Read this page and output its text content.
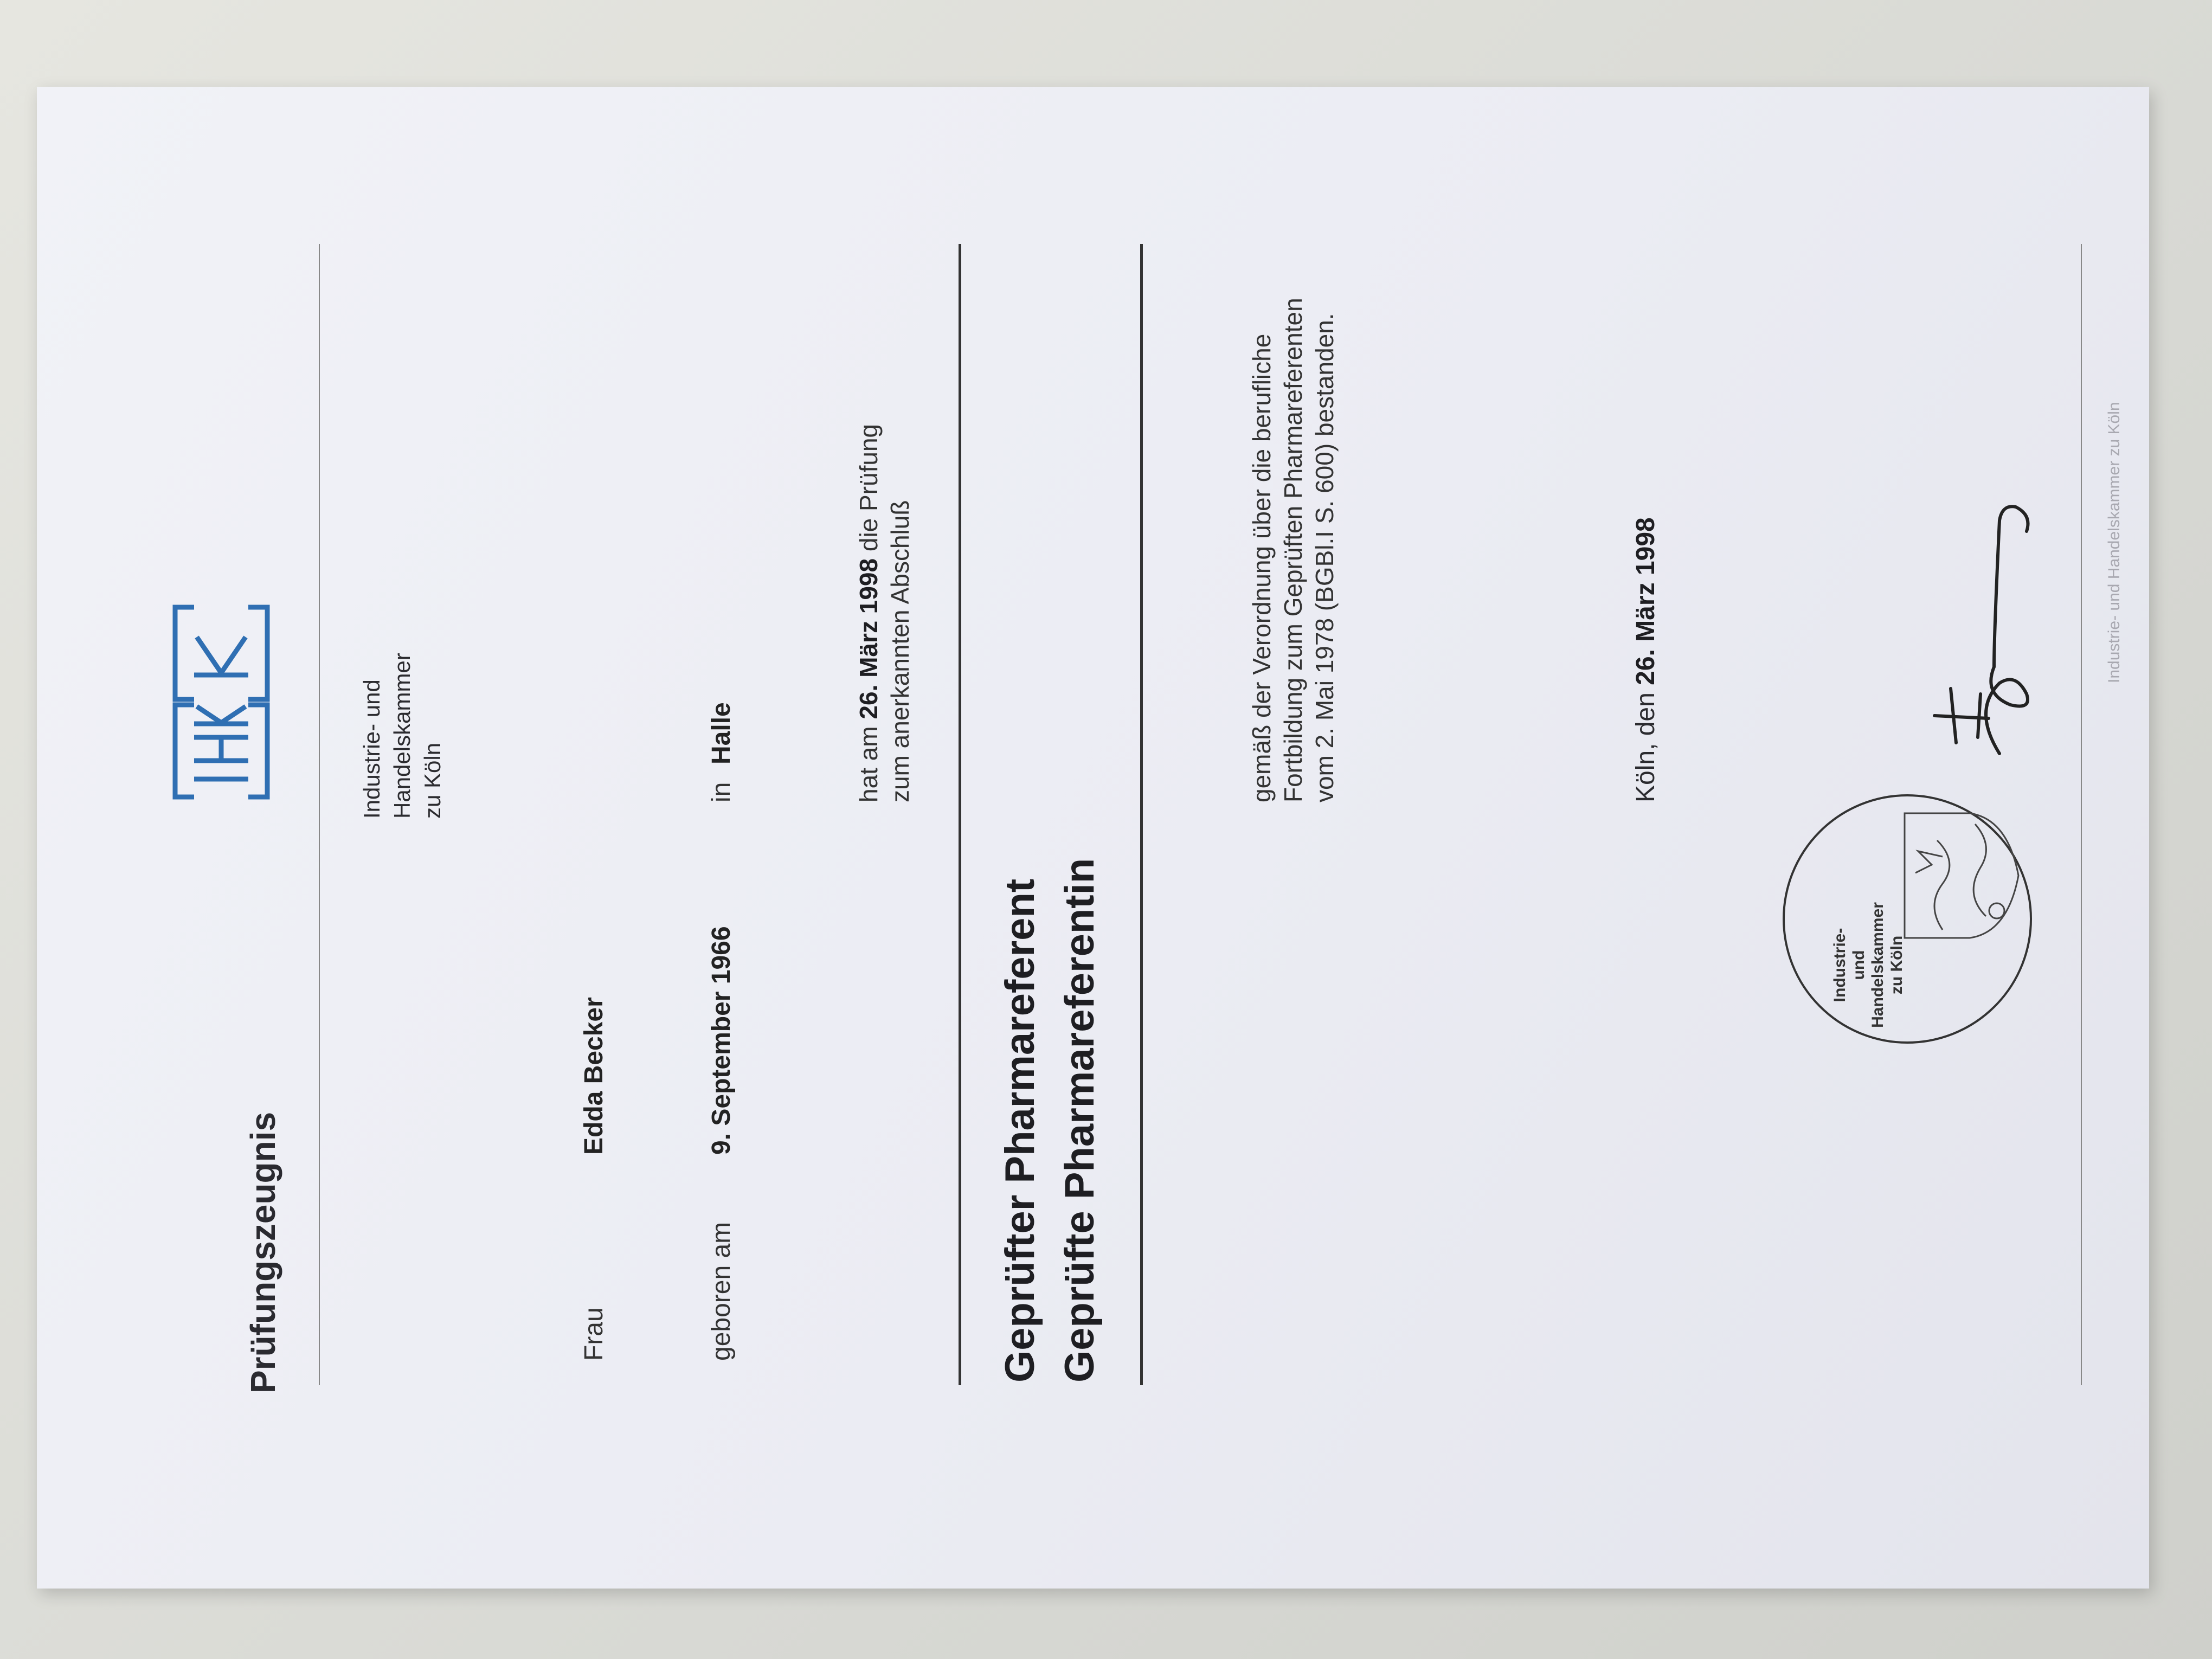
Prüfungszeugnis
Industrie- und Handelskammer zu Köln
Frau
Edda Becker
geboren am
9. September 1966
in
Halle	hat am 26. März 1998 die Prüfung
zum anerkannten Abschluß
Geprüfter Pharmareferent Geprüfte Pharmareferentin
gemäß der Verordnung über die berufliche Fortbildung zum Geprüften Pharmareferenten vom 2. Mai 1978 (BGBl.I S. 600) bestanden.	Köln, den 26. März 1998
Industrie- und Handelskammer zu Köln
Industrie- und Handelskammer zu Köln
